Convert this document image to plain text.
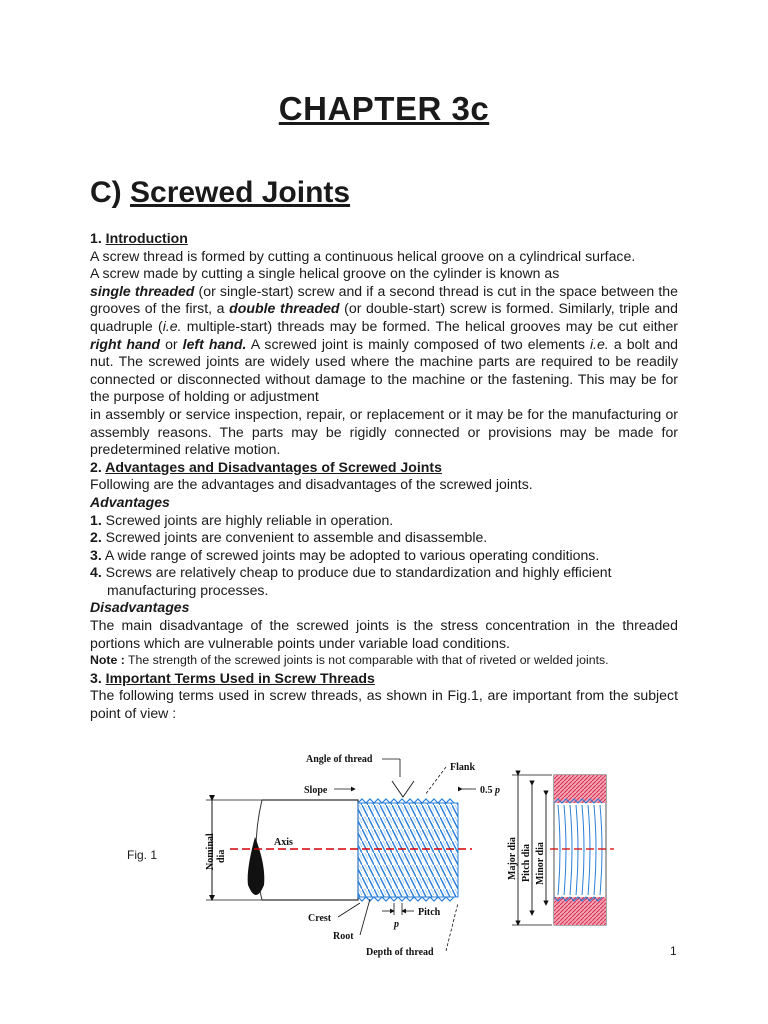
CHAPTER 3c
C) Screwed Joints

1. Introduction

A screw thread is formed by cutting a continuous helical groove on a cylindrical surface.

A screw made by cutting a single helical groove on the cylinder is known as

single threaded (or single-start) screw and if a second thread is cut in the space between the grooves of the first, a double threaded (or double-start) screw is formed. Similarly, triple and quadruple (i.e. multiple-start) threads may be formed. The helical grooves may be cut either right hand or left hand. A screwed joint is mainly composed of two elements i.e. a bolt and nut. The screwed joints are widely used where the machine parts are required to be readily connected or disconnected without damage to the machine or the fastening. This may be for the purpose of holding or adjustment

in assembly or service inspection, repair, or replacement or it may be for the manufacturing or assembly reasons. The parts may be rigidly connected or provisions may be made for predetermined relative motion.

2. Advantages and Disadvantages of Screwed Joints

Following are the advantages and disadvantages of the screwed joints.

Advantages

1. Screwed joints are highly reliable in operation.

2. Screwed joints are convenient to assemble and disassemble.

3. A wide range of screwed joints may be adopted to various operating conditions.

4. Screws are relatively cheap to produce due to standardization and highly efficient manufacturing processes.

Disadvantages

The main disadvantage of the screwed joints is the stress concentration in the threaded portions which are vulnerable points under variable load conditions.

Note : The strength of the screwed joints is not comparable with that of riveted or welded joints.

3. Important Terms Used in Screw Threads

The following terms used in screw threads, as shown in Fig.1, are important from the subject point of view :

Fig. 1	Nominal dia
Angle of thread
Flank
Slope	0.5 p
Axis
Crest
Root
Pitch
p
Depth of thread
Major dia Pitch dia Minor dia
1
